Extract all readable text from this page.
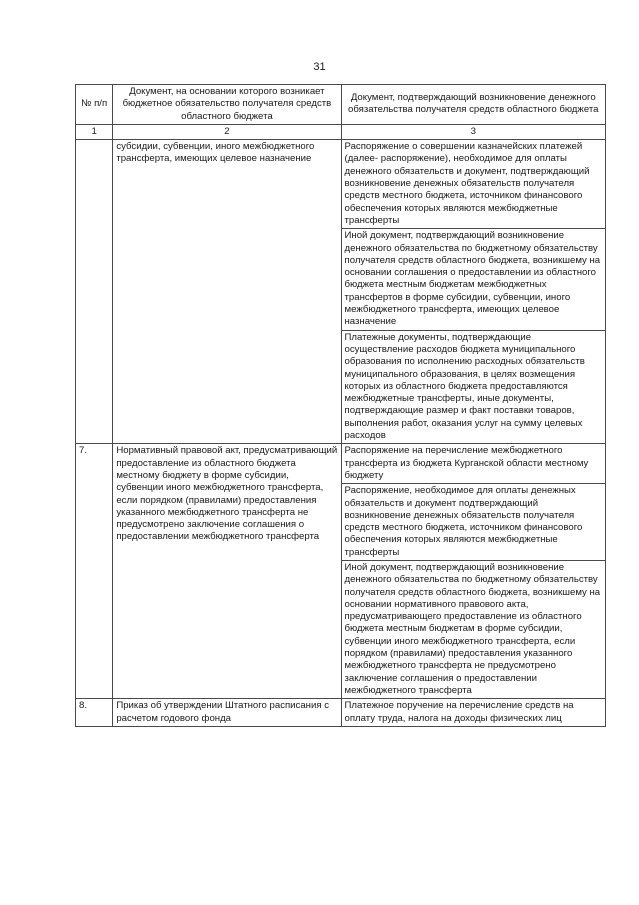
31
№ п/п	Документ, на основании которого возникает бюджетное обязательство получателя средств областного бюджета	Документ, подтверждающий возникновение денежного обязательства получателя средств областного бюджета
1	2	3
	субсидии, субвенции, иного межбюджетного трансферта, имеющих целевое назначение	Распоряжение о совершении казначейских платежей (далее- распоряжение), необходимое для оплаты денежного обязательств и документ, подтверждающий возникновение денежных обязательств получателя средств местного бюджета, источником финансового обеспечения которых являются межбюджетные трансферты
		Иной документ, подтверждающий возникновение денежного обязательства по бюджетному обязательству получателя средств областного бюджета, возникшему на основании соглашения о предоставлении из областного бюджета местным бюджетам межбюджетных трансфертов в форме субсидии, субвенции, иного межбюджетного трансферта, имеющих целевое назначение
		Платежные документы, подтверждающие осуществление расходов бюджета муниципального образования по исполнению расходных обязательств муниципального образования, в целях возмещения которых из областного бюджета предоставляются межбюджетные трансферты, иные документы, подтверждающие размер и факт поставки товаров, выполнения работ, оказания услуг на сумму целевых расходов
7.	Нормативный правовой акт, предусматривающий предоставление из областного бюджета местному бюджету в форме субсидии, субвенции иного межбюджетного трансферта, если порядком (правилами) предоставления указанного межбюджетного трансферта не предусмотрено заключение соглашения о предоставлении межбюджетного трансферта	Распоряжение на перечисление межбюджетного трансферта из бюджета Курганской области местному бюджету
		Распоряжение, необходимое для оплаты денежных обязательств и документ подтверждающий возникновение денежных обязательств получателя средств местного бюджета, источником финансового обеспечения которых являются межбюджетные трансферты
		Иной документ, подтверждающий возникновение денежного обязательства по бюджетному обязательству получателя средств областного бюджета, возникшему на основании нормативного правового акта, предусматривающего предоставление из областного бюджета местным бюджетам в форме субсидии, субвенции иного межбюджетного трансферта, если порядком (правилами) предоставления указанного межбюджетного трансферта не предусмотрено заключение соглашения о предоставлении межбюджетного трансферта
8.	Приказ об утверждении Штатного расписания с расчетом годового фонда	Платежное поручение на перечисление средств на оплату труда, налога на доходы физических лиц
